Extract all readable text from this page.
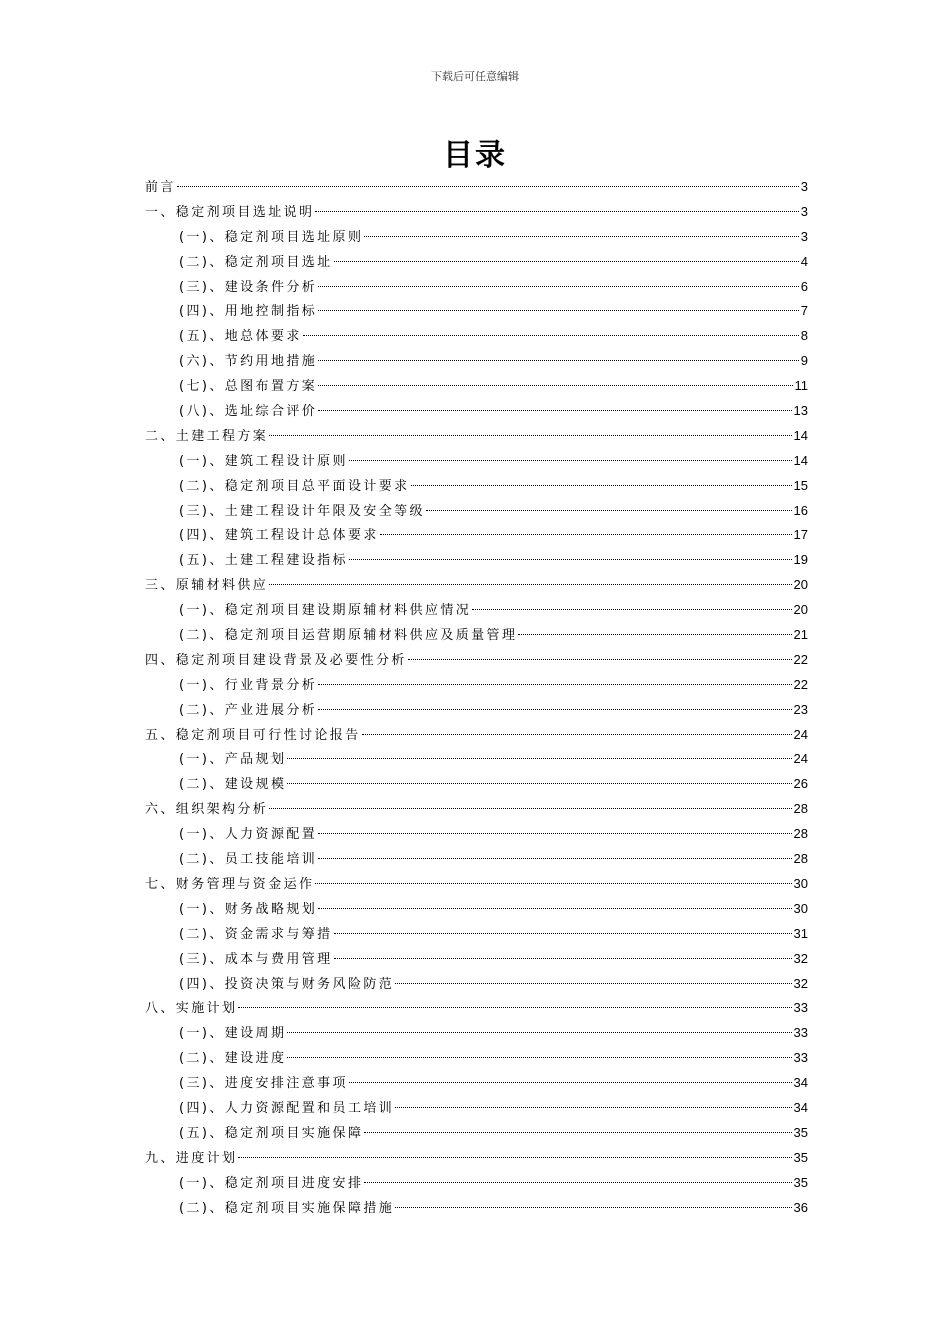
下载后可任意编辑
目录
前言	3
一、稳定剂项目选址说明	3
(一)、稳定剂项目选址原则	3
(二)、稳定剂项目选址	4
(三)、建设条件分析	6
(四)、用地控制指标	7
(五)、地总体要求	8
(六)、节约用地措施	9
(七)、总图布置方案	11
(八)、选址综合评价	13
二、土建工程方案	14
(一)、建筑工程设计原则	14
(二)、稳定剂项目总平面设计要求	15
(三)、土建工程设计年限及安全等级	16
(四)、建筑工程设计总体要求	17
(五)、土建工程建设指标	19
三、原辅材料供应	20
(一)、稳定剂项目建设期原辅材料供应情况	20
(二)、稳定剂项目运营期原辅材料供应及质量管理	21
四、稳定剂项目建设背景及必要性分析	22
(一)、行业背景分析	22
(二)、产业进展分析	23
五、稳定剂项目可行性讨论报告	24
(一)、产品规划	24
(二)、建设规模	26
六、组织架构分析	28
(一)、人力资源配置	28
(二)、员工技能培训	28
七、财务管理与资金运作	30
(一)、财务战略规划	30
(二)、资金需求与筹措	31
(三)、成本与费用管理	32
(四)、投资决策与财务风险防范	32
八、实施计划	33
(一)、建设周期	33
(二)、建设进度	33
(三)、进度安排注意事项	34
(四)、人力资源配置和员工培训	34
(五)、稳定剂项目实施保障	35
九、进度计划	35
(一)、稳定剂项目进度安排	35
(二)、稳定剂项目实施保障措施	36
